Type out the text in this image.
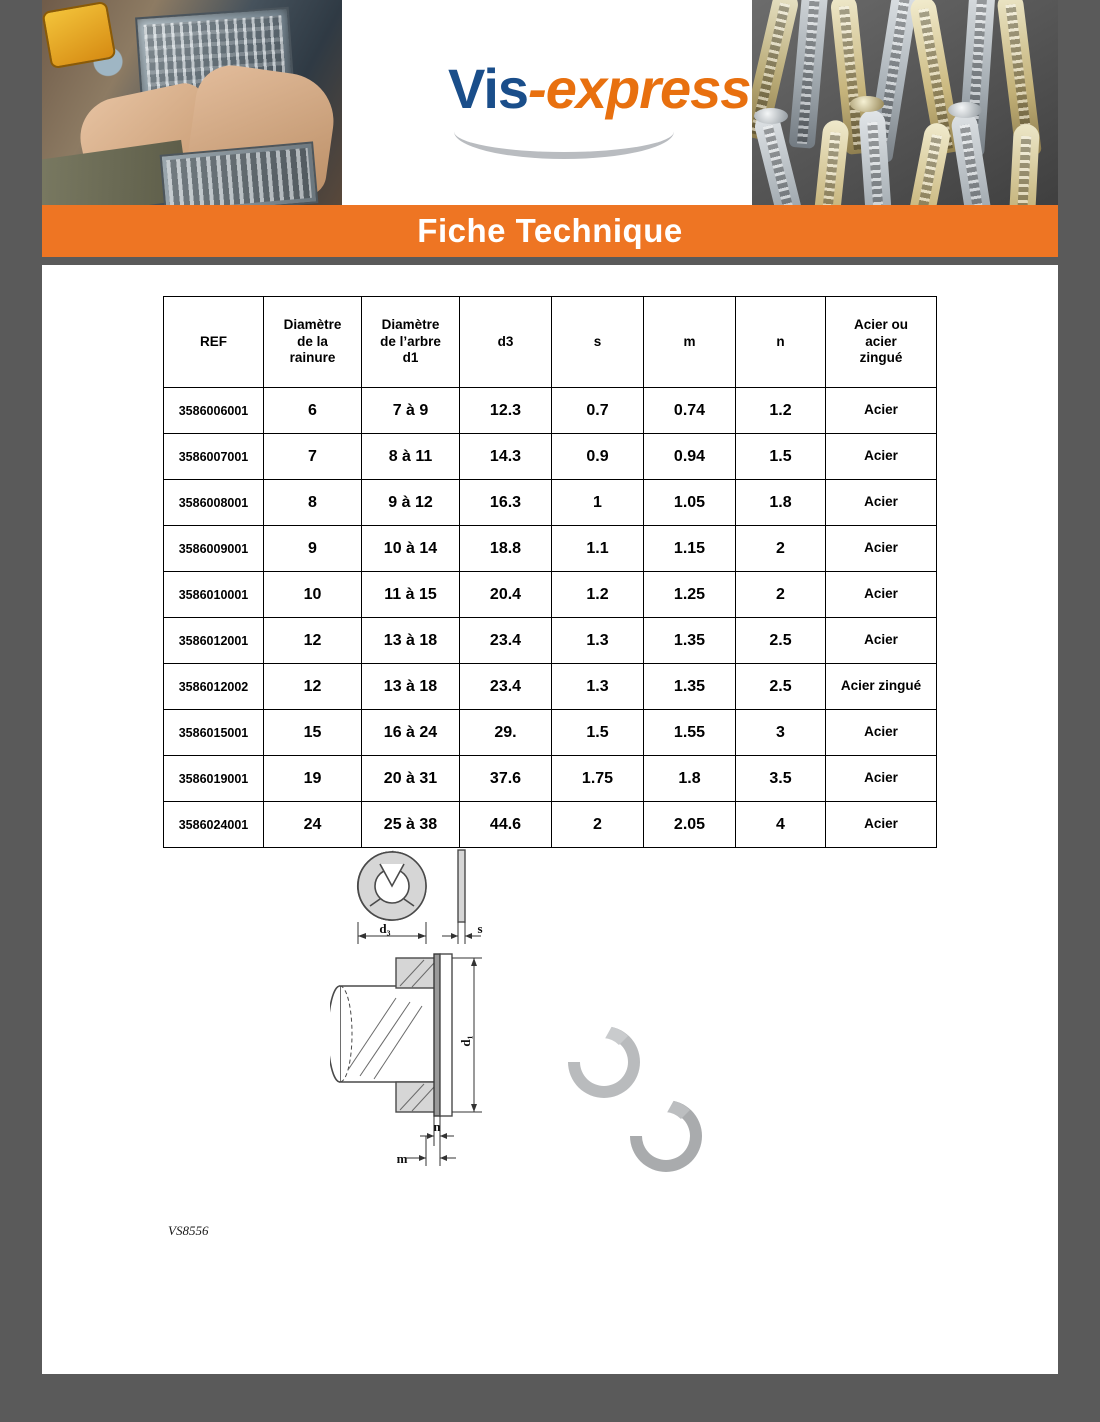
Vis-express
Fiche Technique
REF	Diamètre
de la
rainure	Diamètre
de l’arbre
d1	d3	s	m	n	Acier ou
acier
zingué
3586006001	6	7 à 9	12.3	0.7	0.74	1.2	Acier
3586007001	7	8 à 11	14.3	0.9	0.94	1.5	Acier
3586008001	8	9 à 12	16.3	1	1.05	1.8	Acier
3586009001	9	10 à 14	18.8	1.1	1.15	2	Acier
3586010001	10	11 à 15	20.4	1.2	1.25	2	Acier
3586012001	12	13 à 18	23.4	1.3	1.35	2.5	Acier
3586012002	12	13 à 18	23.4	1.3	1.35	2.5	Acier zingué
3586015001	15	16 à 24	29.	1.5	1.55	3	Acier
3586019001	19	20 à 31	37.6	1.75	1.8	3.5	Acier
3586024001	24	25 à 38	44.6	2	2.05	4	Acier
d₃	s
d₁
n
m
VS8556
